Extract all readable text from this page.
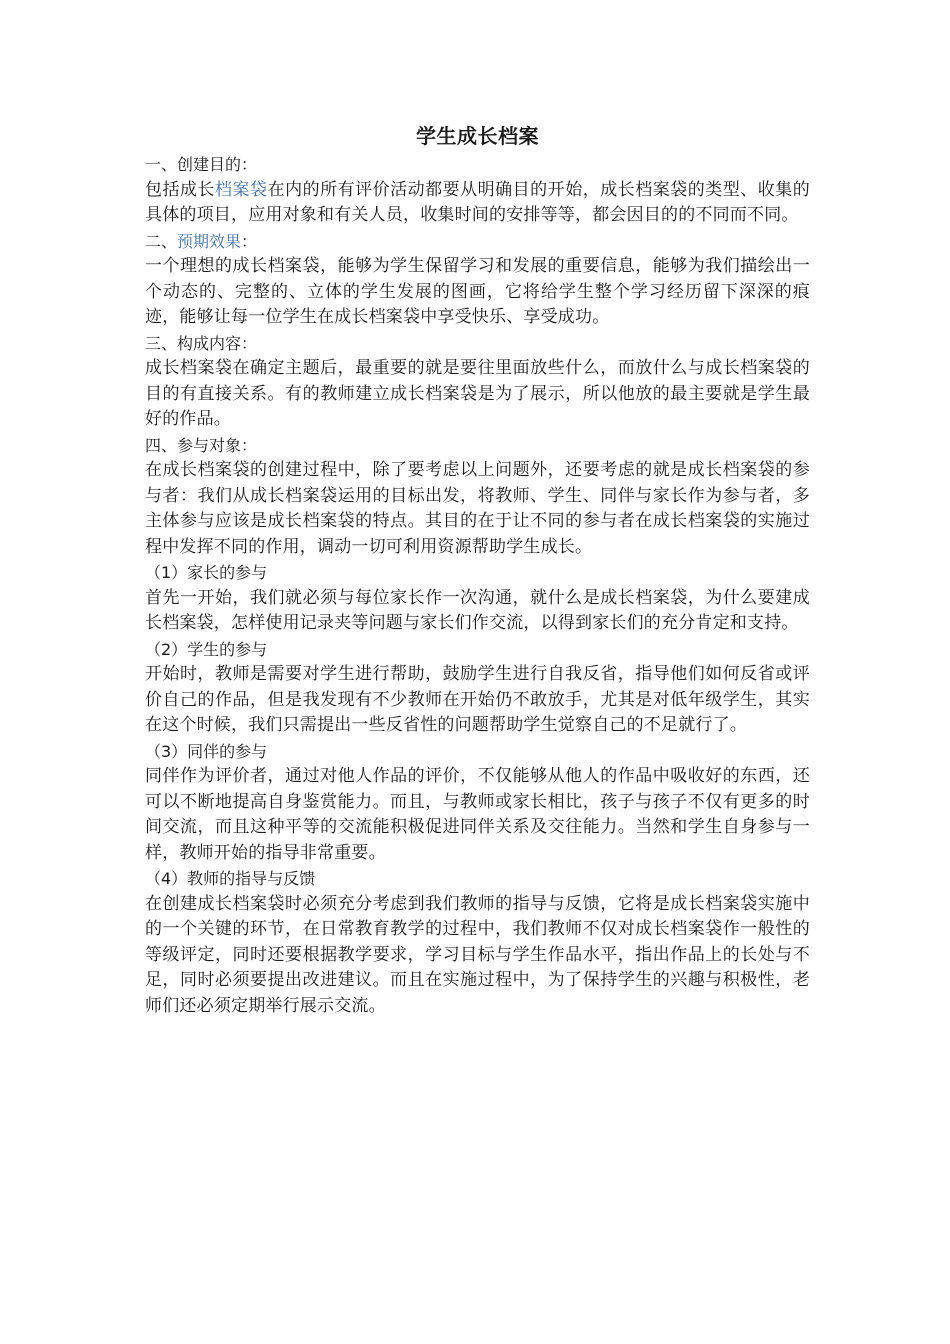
学生成长档案
一、创建目的：

包括成长档案袋在内的所有评价活动都要从明确目的开始，成长档案袋的类型、收集的具体的项目，应用对象和有关人员，收集时间的安排等等，都会因目的的不同而不同。

二、预期效果：

一个理想的成长档案袋，能够为学生保留学习和发展的重要信息，能够为我们描绘出一个动态的、完整的、立体的学生发展的图画，它将给学生整个学习经历留下深深的痕迹，能够让每一位学生在成长档案袋中享受快乐、享受成功。

三、构成内容：

成长档案袋在确定主题后，最重要的就是要往里面放些什么，而放什么与成长档案袋的目的有直接关系。有的教师建立成长档案袋是为了展示，所以他放的最主要就是学生最好的作品。

四、参与对象：

在成长档案袋的创建过程中，除了要考虑以上问题外，还要考虑的就是成长档案袋的参与者：我们从成长档案袋运用的目标出发，将教师、学生、同伴与家长作为参与者，多主体参与应该是成长档案袋的特点。其目的在于让不同的参与者在成长档案袋的实施过程中发挥不同的作用，调动一切可利用资源帮助学生成长。

（1）家长的参与

首先一开始，我们就必须与每位家长作一次沟通，就什么是成长档案袋，为什么要建成长档案袋，怎样使用记录夹等问题与家长们作交流，以得到家长们的充分肯定和支持。

（2）学生的参与

开始时，教师是需要对学生进行帮助，鼓励学生进行自我反省，指导他们如何反省或评价自己的作品，但是我发现有不少教师在开始仍不敢放手，尤其是对低年级学生，其实在这个时候，我们只需提出一些反省性的问题帮助学生觉察自己的不足就行了。

（3）同伴的参与

同伴作为评价者，通过对他人作品的评价，不仅能够从他人的作品中吸收好的东西，还可以不断地提高自身鉴赏能力。而且，与教师或家长相比，孩子与孩子不仅有更多的时间交流，而且这种平等的交流能积极促进同伴关系及交往能力。当然和学生自身参与一样，教师开始的指导非常重要。

（4）教师的指导与反馈

在创建成长档案袋时必须充分考虑到我们教师的指导与反馈，它将是成长档案袋实施中的一个关键的环节，在日常教育教学的过程中，我们教师不仅对成长档案袋作一般性的等级评定，同时还要根据教学要求，学习目标与学生作品水平，指出作品上的长处与不足，同时必须要提出改进建议。而且在实施过程中，为了保持学生的兴趣与积极性，老师们还必须定期举行展示交流。
